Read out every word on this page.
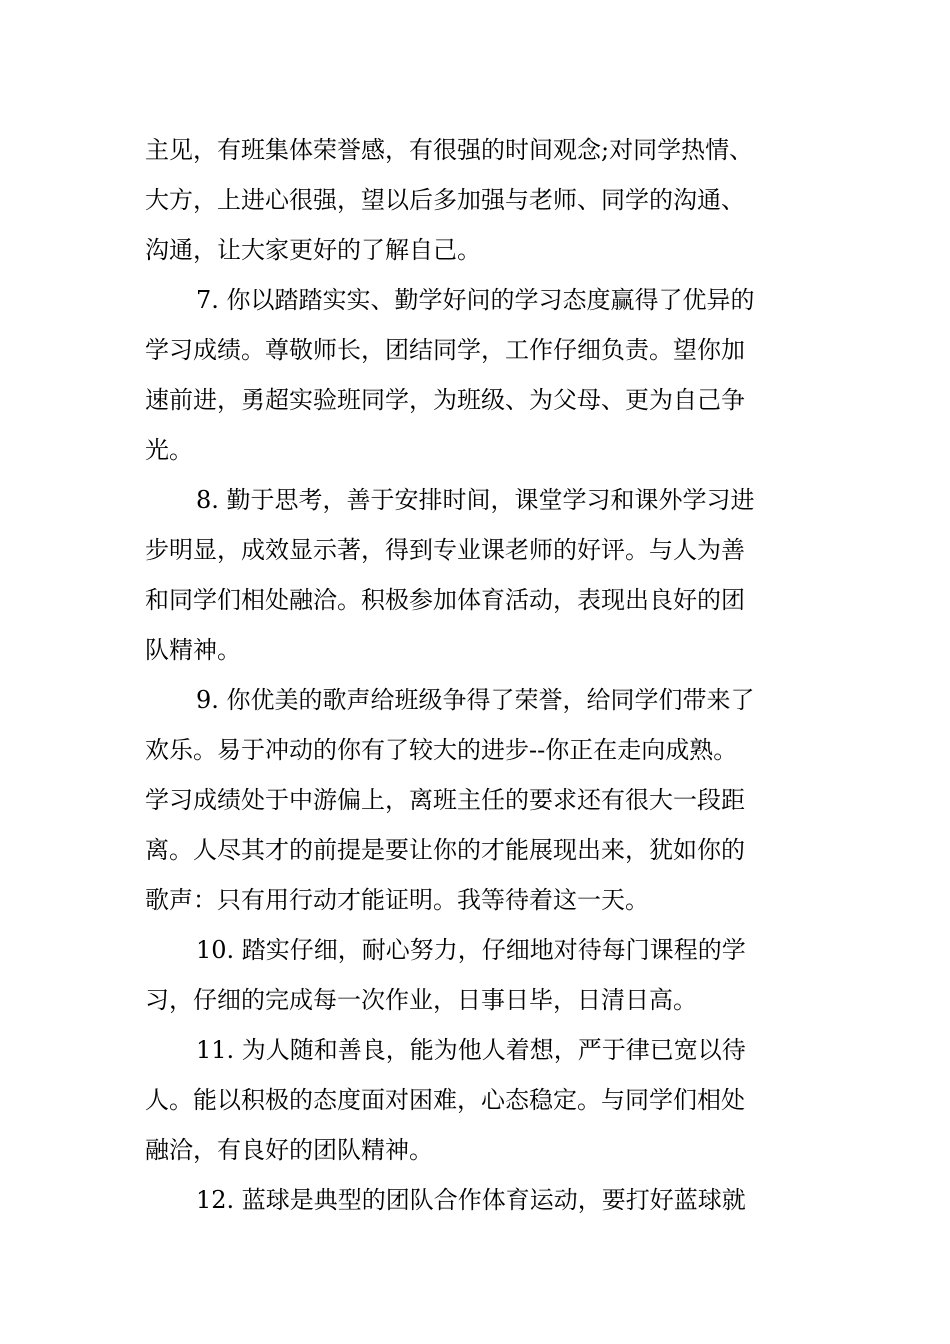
主见，有班集体荣誉感，有很强的时间观念;对同学热情、
大方，上进心很强，望以后多加强与老师、同学的沟通、
沟通，让大家更好的了解自己。
7. 你以踏踏实实、勤学好问的学习态度赢得了优异的
学习成绩。尊敬师长，团结同学，工作仔细负责。望你加
速前进，勇超实验班同学，为班级、为父母、更为自己争
光。
8. 勤于思考，善于安排时间，课堂学习和课外学习进
步明显，成效显示著，得到专业课老师的好评。与人为善
和同学们相处融洽。积极参加体育活动，表现出良好的团
队精神。
9. 你优美的歌声给班级争得了荣誉，给同学们带来了
欢乐。易于冲动的你有了较大的进步--你正在走向成熟。
学习成绩处于中游偏上，离班主任的要求还有很大一段距
离。人尽其才的前提是要让你的才能展现出来，犹如你的
歌声：只有用行动才能证明。我等待着这一天。
10. 踏实仔细，耐心努力，仔细地对待每门课程的学
习，仔细的完成每一次作业，日事日毕，日清日高。
11. 为人随和善良，能为他人着想，严于律已宽以待
人。能以积极的态度面对困难，心态稳定。与同学们相处
融洽，有良好的团队精神。
12. 蓝球是典型的团队合作体育运动，要打好蓝球就
